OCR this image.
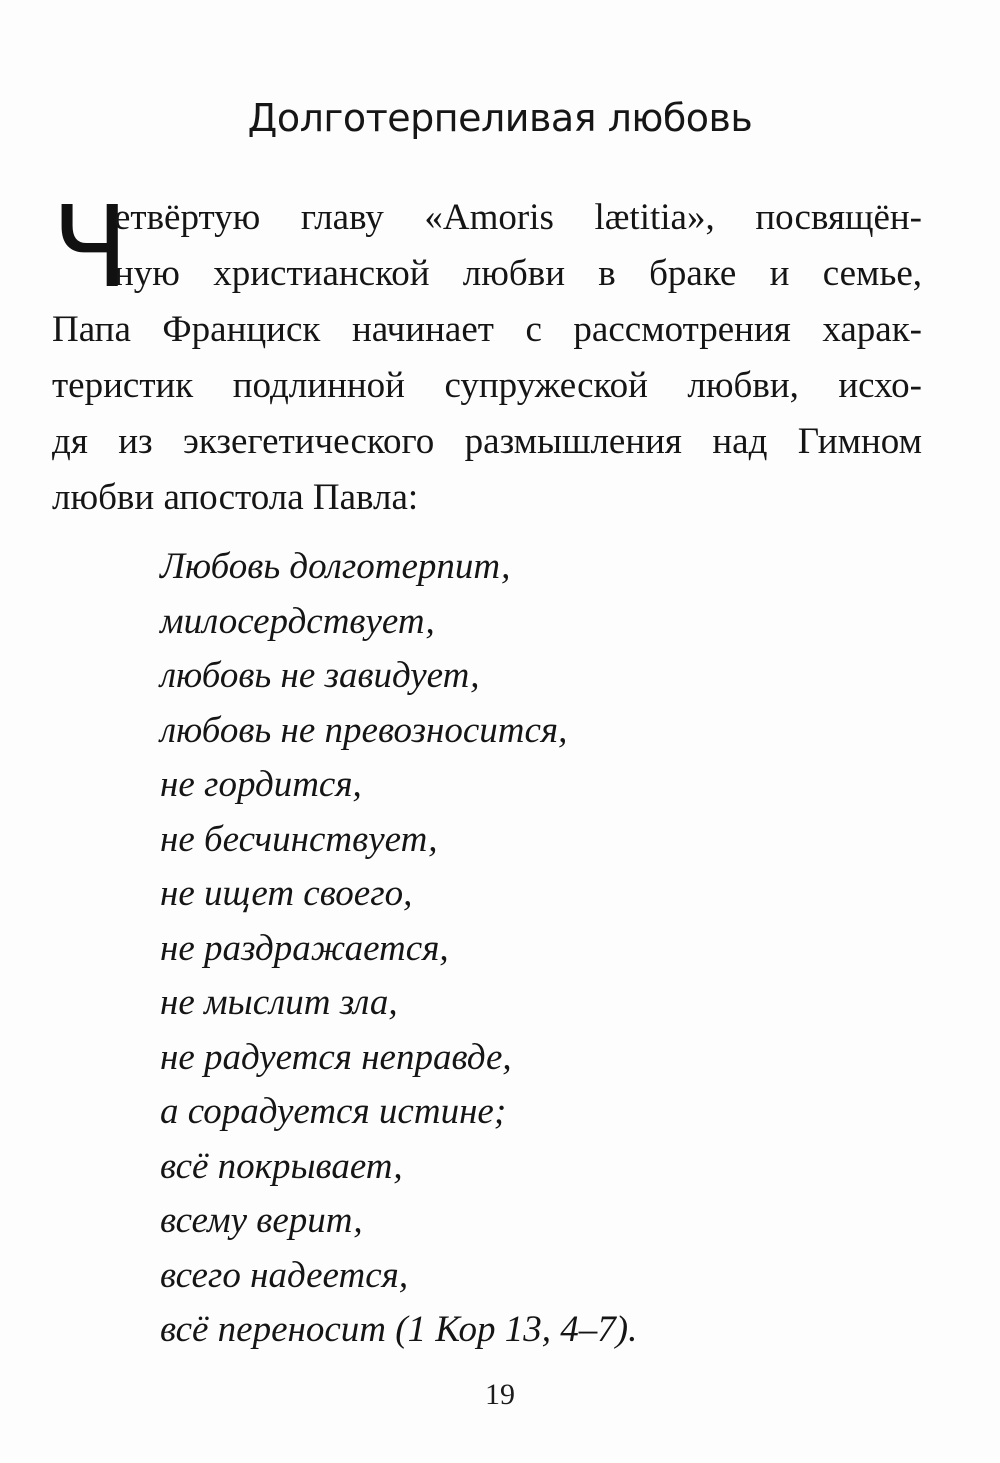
Долготерпеливая любовь
Ч
етвёртую главу «Amoris lætitia», посвящён-
ную христианской любви в браке и семье,
Папа Франциск начинает с рассмотрения харак-
теристик подлинной супружеской любви, исхо-
дя из экзегетического размышления над Гимном
любви апостола Павла:
Любовь долготерпит,
милосердствует,
любовь не завидует,
любовь не превозносится,
не гордится,
не бесчинствует,
не ищет своего,
не раздражается,
не мыслит зла,
не радуется неправде,
а сорадуется истине;
всё покрывает,
всему верит,
всего надеется,
всё переносит (1 Кор 13, 4–7).
19
